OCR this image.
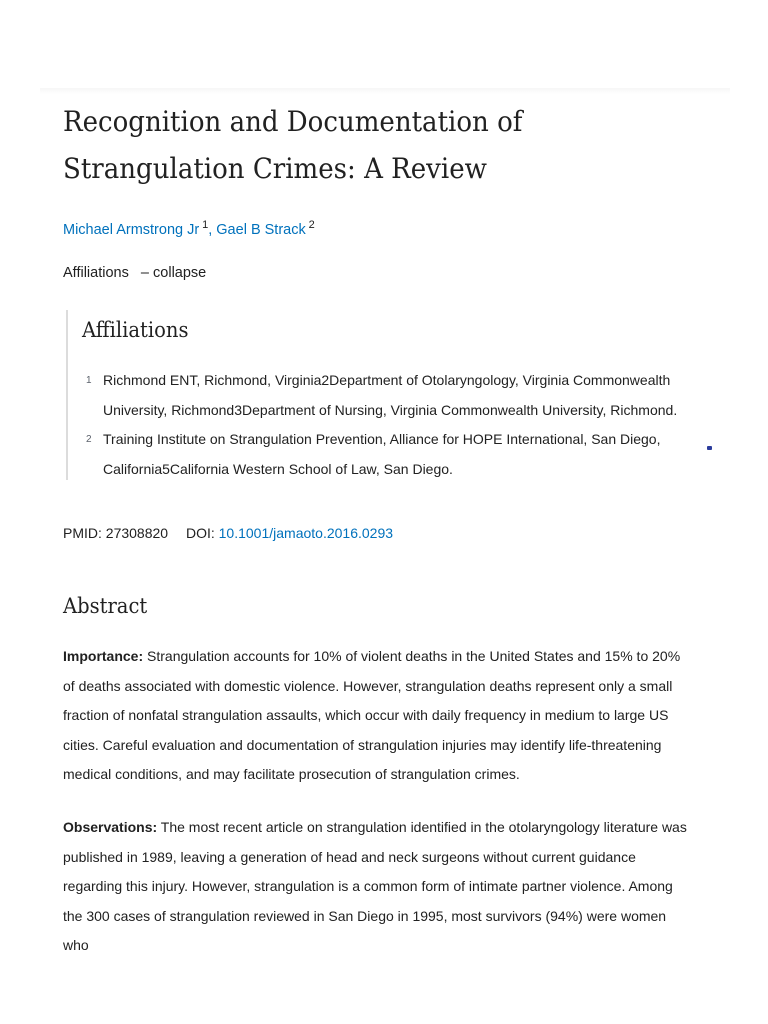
Recognition and Documentation of Strangulation Crimes: A Review
Michael Armstrong Jr  $^1$, Gael B Strack  $^2$
Affiliations – collapse
Affiliations
1 Richmond ENT, Richmond, Virginia2Department of Otolaryngology, Virginia Commonwealth University, Richmond3Department of Nursing, Virginia Commonwealth University, Richmond.
2 Training Institute on Strangulation Prevention, Alliance for HOPE International, San Diego, California5California Western School of Law, San Diego.
PMID: 27308820 DOI: 10.1001/jamaoto.2016.0293
Abstract

Importance: Strangulation accounts for 10% of violent deaths in the United States and 15% to 20% of deaths associated with domestic violence. However, strangulation deaths represent only a small fraction of nonfatal strangulation assaults, which occur with daily frequency in medium to large US cities. Careful evaluation and documentation of strangulation injuries may identify life-threatening medical conditions, and may facilitate prosecution of strangulation crimes.

Observations: The most recent article on strangulation identified in the otolaryngology literature was published in 1989, leaving a generation of head and neck surgeons without current guidance regarding this injury. However, strangulation is a common form of intimate partner violence. Among the 300 cases of strangulation reviewed in San Diego in 1995, most survivors (94%) were women who
